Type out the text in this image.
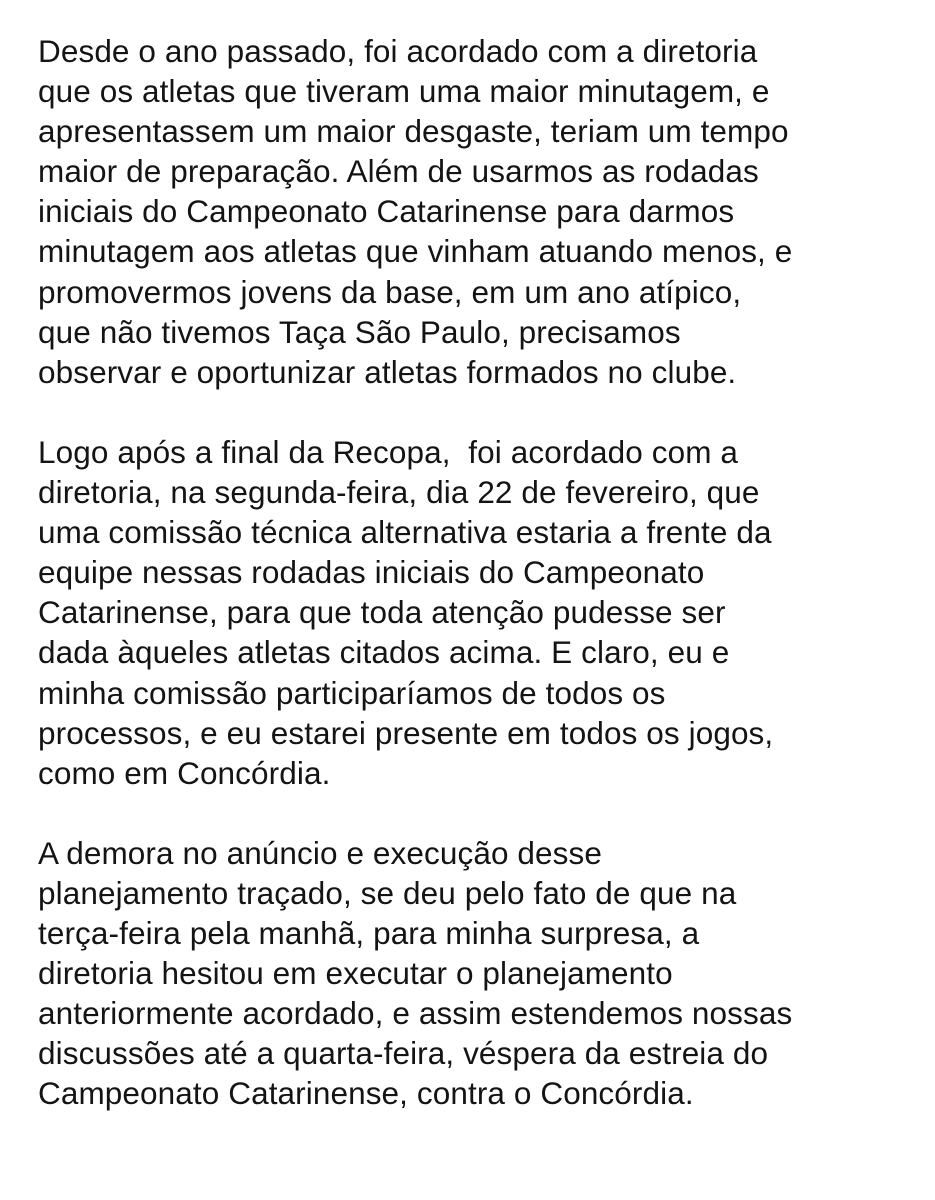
Desde o ano passado, foi acordado com a diretoria
que os atletas que tiveram uma maior minutagem, e
apresentassem um maior desgaste, teriam um tempo
maior de preparação. Além de usarmos as rodadas
iniciais do Campeonato Catarinense para darmos
minutagem aos atletas que vinham atuando menos, e
promovermos jovens da base, em um ano atípico,
que não tivemos Taça São Paulo, precisamos
observar e oportunizar atletas formados no clube.
Logo após a final da Recopa,  foi acordado com a
diretoria, na segunda-feira, dia 22 de fevereiro, que
uma comissão técnica alternativa estaria a frente da
equipe nessas rodadas iniciais do Campeonato
Catarinense, para que toda atenção pudesse ser
dada àqueles atletas citados acima. E claro, eu e
minha comissão participaríamos de todos os
processos, e eu estarei presente em todos os jogos,
como em Concórdia.
A demora no anúncio e execução desse
planejamento traçado, se deu pelo fato de que na
terça-feira pela manhã, para minha surpresa, a
diretoria hesitou em executar o planejamento
anteriormente acordado, e assim estendemos nossas
discussões até a quarta-feira, véspera da estreia do
Campeonato Catarinense, contra o Concórdia.
